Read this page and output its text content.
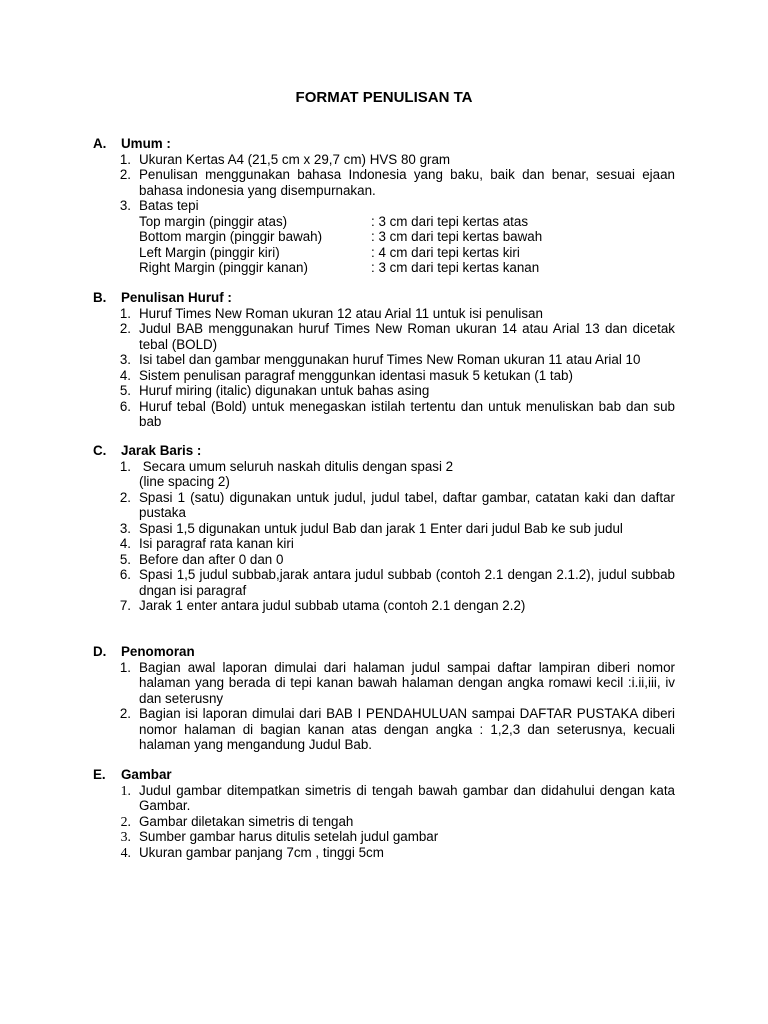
FORMAT PENULISAN TA
A.	Umum :
1. Ukuran Kertas A4 (21,5 cm x 29,7 cm) HVS 80 gram
2. Penulisan menggunakan bahasa Indonesia yang baku, baik dan benar, sesuai ejaan bahasa indonesia yang disempurnakan.
3. Batas tepi
Top margin (pinggir atas)	: 3 cm dari tepi kertas atas
Bottom margin (pinggir bawah)	: 3 cm dari tepi kertas bawah
Left Margin (pinggir kiri)	: 4 cm dari tepi kertas kiri
Right Margin (pinggir kanan)	: 3 cm dari tepi kertas kanan
B.	Penulisan Huruf :
1. Huruf Times New Roman ukuran 12 atau Arial 11 untuk isi penulisan
2. Judul BAB menggunakan huruf Times New Roman ukuran 14 atau Arial 13 dan dicetak tebal (BOLD)
3. Isi tabel dan gambar menggunakan huruf Times New Roman ukuran 11 atau Arial 10
4. Sistem penulisan paragraf menggunkan identasi masuk 5 ketukan (1 tab)
5. Huruf miring (italic) digunakan untuk bahas asing
6. Huruf tebal (Bold) untuk menegaskan istilah tertentu dan untuk menuliskan bab dan sub bab
C.	Jarak Baris :
1. Secara umum seluruh naskah ditulis dengan spasi 2
(line spacing 2)
2. Spasi 1 (satu) digunakan untuk judul, judul tabel, daftar gambar, catatan kaki dan daftar pustaka
3. Spasi 1,5 digunakan untuk judul Bab dan jarak 1 Enter dari judul Bab ke sub judul
4. Isi paragraf rata kanan kiri
5. Before dan after 0 dan 0
6. Spasi 1,5 judul subbab,jarak antara judul subbab (contoh 2.1 dengan 2.1.2), judul subbab dngan isi paragraf
7. Jarak 1 enter antara judul subbab utama (contoh 2.1 dengan 2.2)
D.	Penomoran
1. Bagian awal laporan dimulai dari halaman judul sampai daftar lampiran diberi nomor halaman yang berada di tepi kanan bawah halaman dengan angka romawi kecil :i.ii,iii, iv dan seterusny
2. Bagian isi laporan dimulai dari BAB I PENDAHULUAN sampai DAFTAR PUSTAKA diberi nomor halaman di bagian kanan atas dengan angka : 1,2,3 dan seterusnya, kecuali halaman yang mengandung Judul Bab.
E.	Gambar
1. Judul gambar ditempatkan simetris di tengah bawah gambar dan didahului dengan kata Gambar.
2. Gambar diletakan simetris di tengah
3. Sumber gambar harus ditulis setelah judul gambar
4. Ukuran gambar panjang 7cm , tinggi 5cm
